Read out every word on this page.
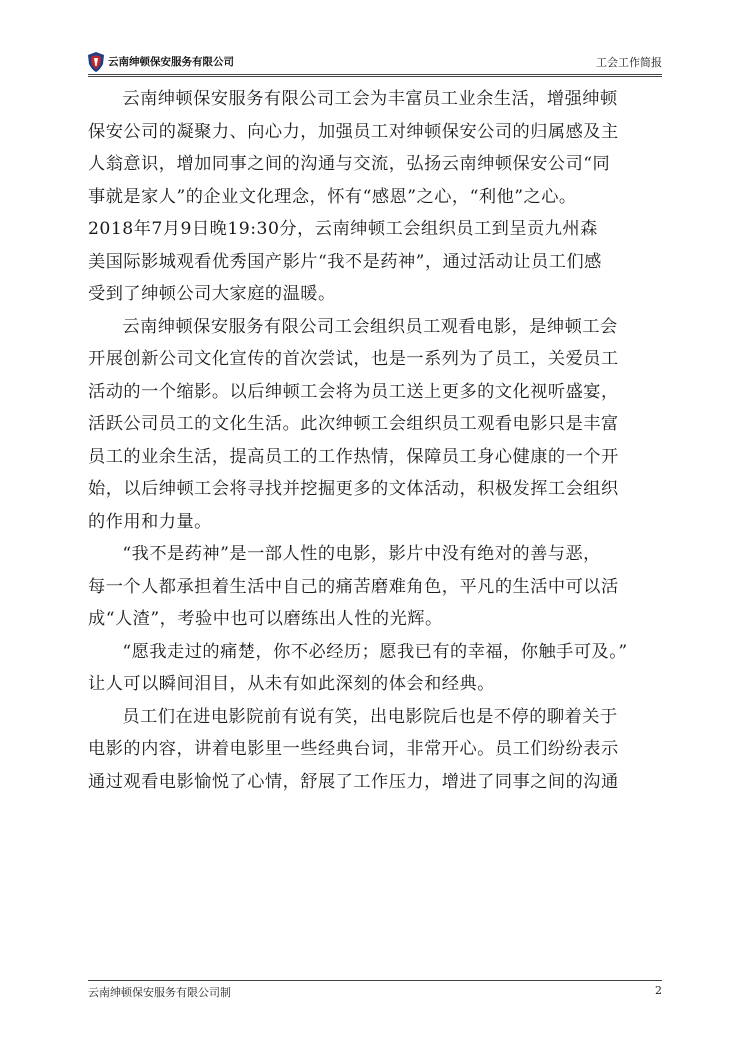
云南绅顿保安服务有限公司	工会工作简报

云南绅顿保安服务有限公司工会为丰富员工业余生活，增强绅顿
保安公司的凝聚力、向心力，加强员工对绅顿保安公司的归属感及主
人翁意识，增加同事之间的沟通与交流，弘扬云南绅顿保安公司“同
事就是家人”的企业文化理念，怀有“感恩”之心，“利他”之心。
2018年7月9日晚19:30分，云南绅顿工会组织员工到呈贡九州森
美国际影城观看优秀国产影片“我不是药神”，通过活动让员工们感
受到了绅顿公司大家庭的温暖。

云南绅顿保安服务有限公司工会组织员工观看电影，是绅顿工会
开展创新公司文化宣传的首次尝试，也是一系列为了员工，关爱员工
活动的一个缩影。以后绅顿工会将为员工送上更多的文化视听盛宴，
活跃公司员工的文化生活。此次绅顿工会组织员工观看电影只是丰富
员工的业余生活，提高员工的工作热情，保障员工身心健康的一个开
始，以后绅顿工会将寻找并挖掘更多的文体活动，积极发挥工会组织
的作用和力量。

“我不是药神”是一部人性的电影，影片中没有绝对的善与恶，
每一个人都承担着生活中自己的痛苦磨难角色，平凡的生活中可以活
成“人渣”，考验中也可以磨练出人性的光辉。

“愿我走过的痛楚，你不必经历；愿我已有的幸福，你触手可及。”
让人可以瞬间泪目，从未有如此深刻的体会和经典。

员工们在进电影院前有说有笑，出电影院后也是不停的聊着关于
电影的内容，讲着电影里一些经典台词，非常开心。员工们纷纷表示
通过观看电影愉悦了心情，舒展了工作压力，增进了同事之间的沟通

云南绅顿保安服务有限公司制	2
